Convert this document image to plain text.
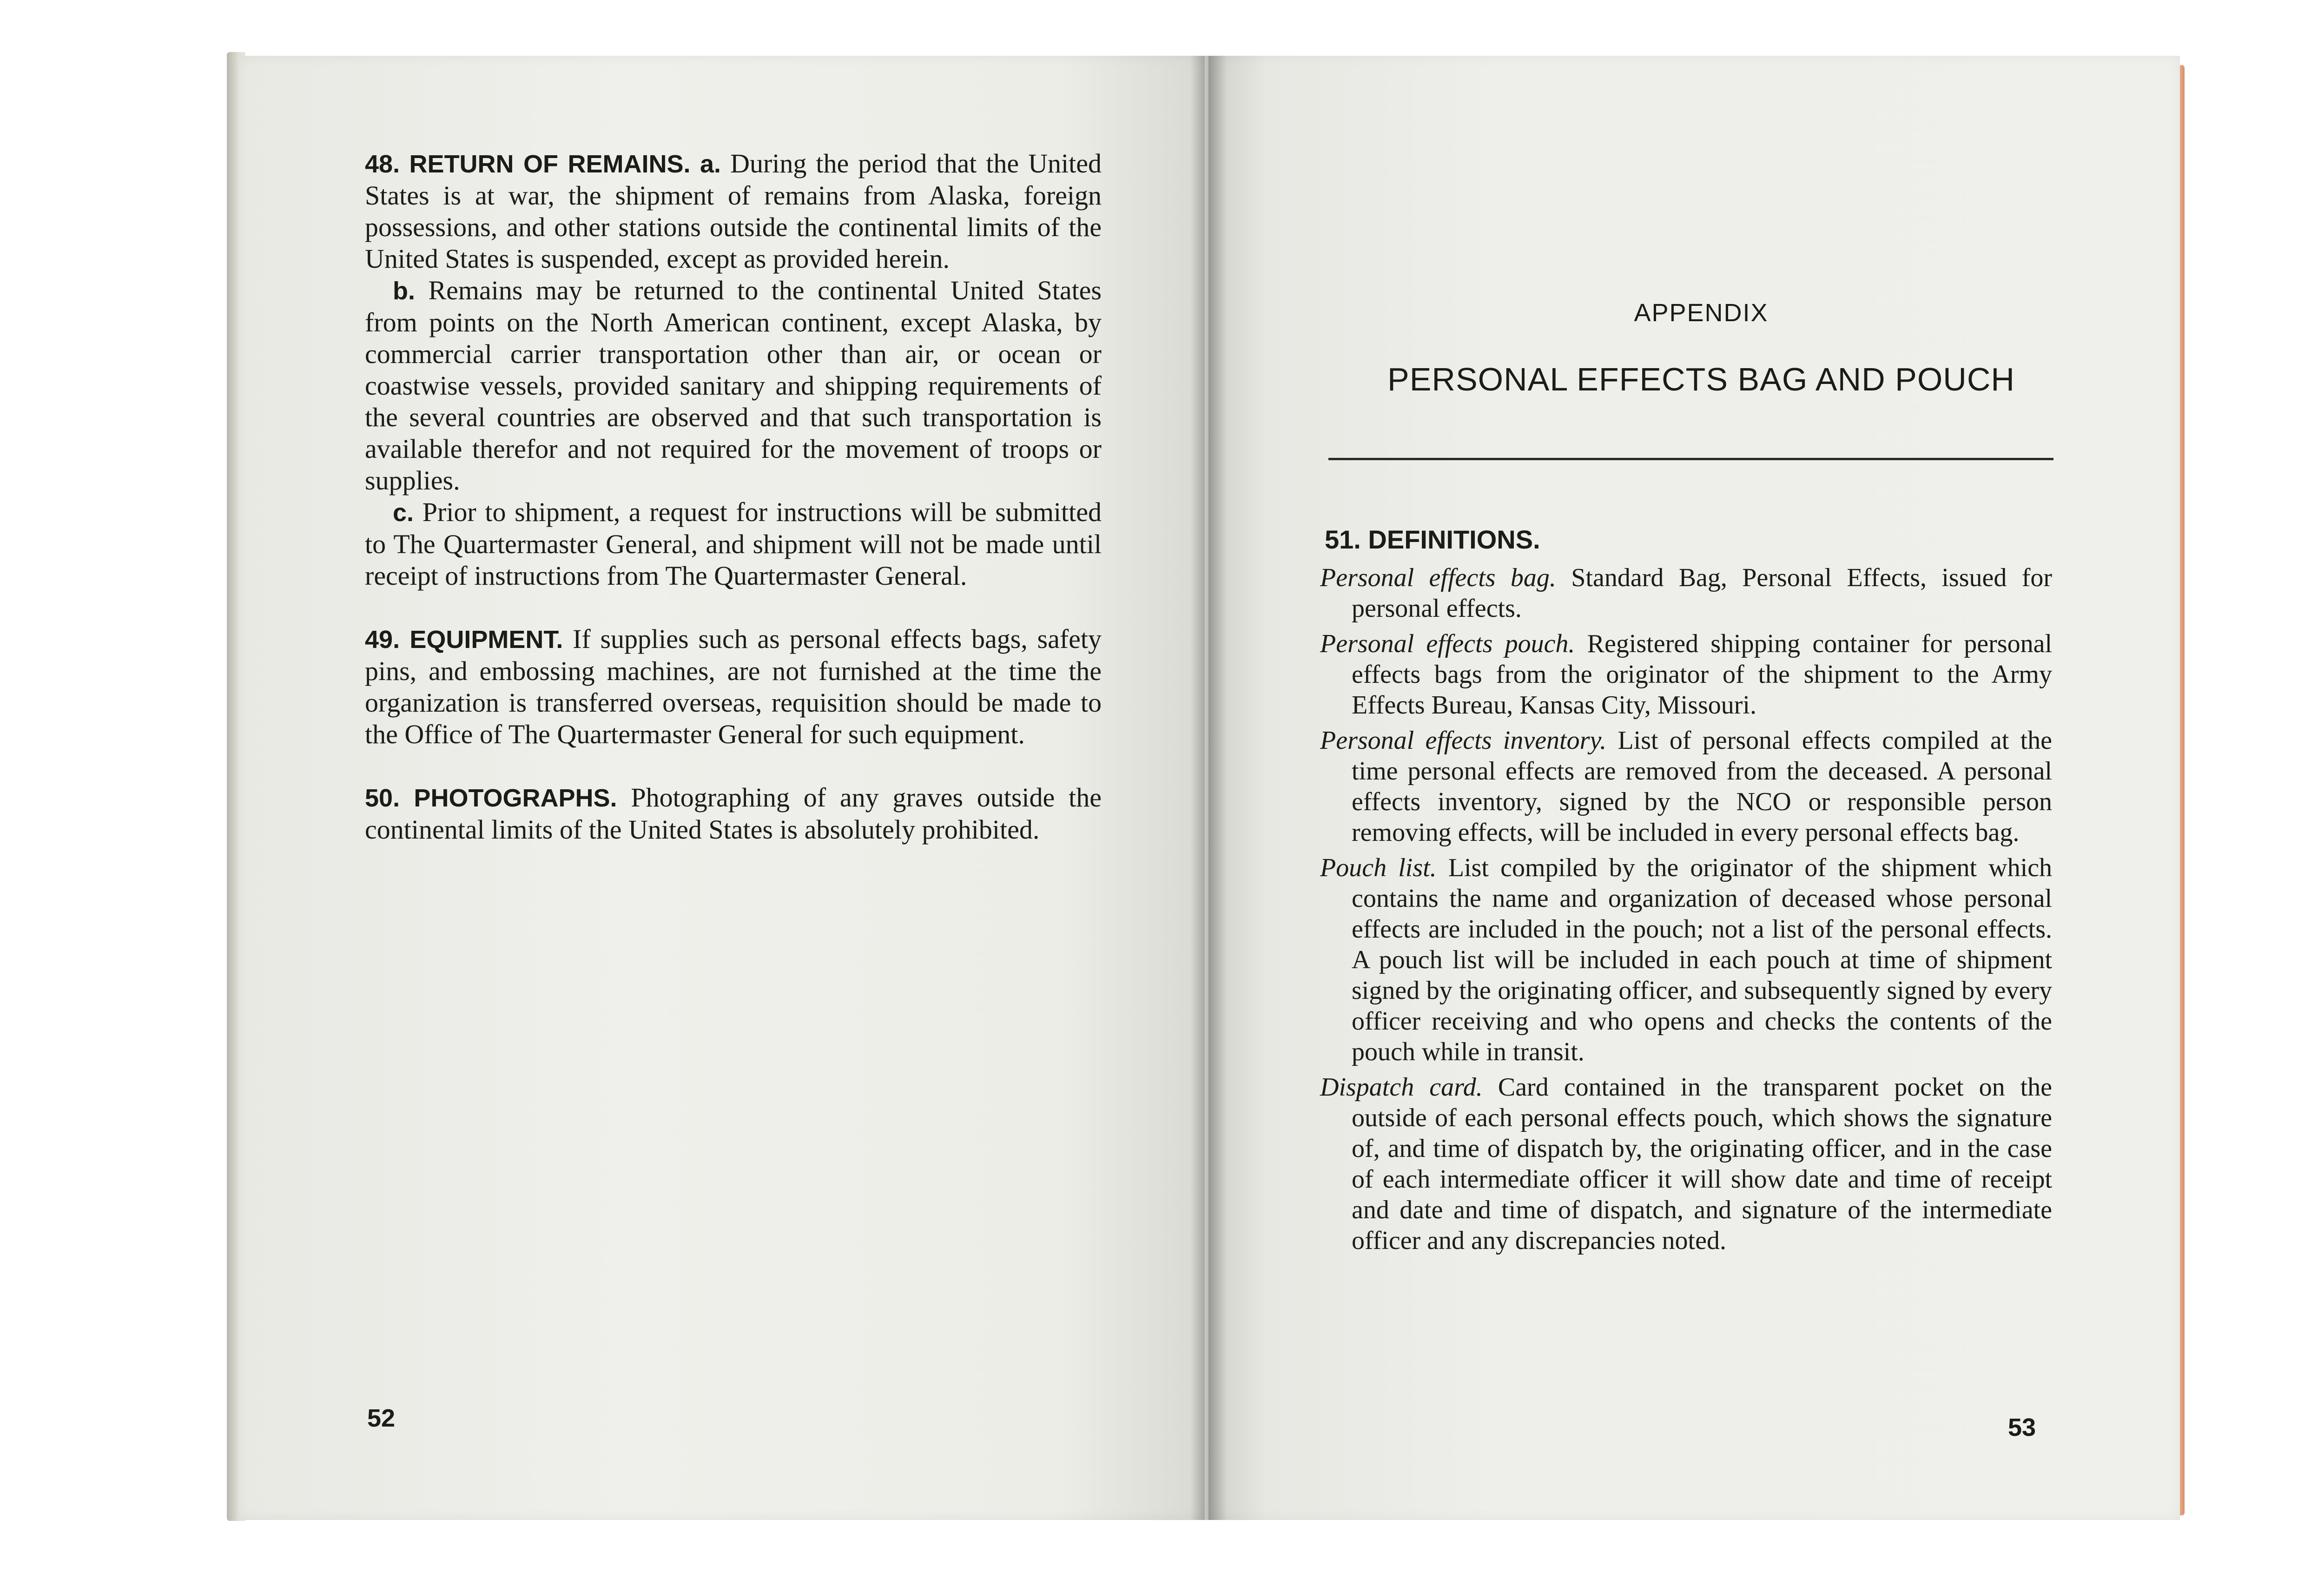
48. RETURN OF REMAINS. a. During the period that the United States is at war, the shipment of remains from Alaska, foreign possessions, and other stations outside the continental limits of the United States is suspended, except as provided herein.

b. Remains may be returned to the continental United States from points on the North American continent, except Alaska, by commercial carrier transportation other than air, or ocean or coastwise vessels, provided sanitary and shipping requirements of the several countries are observed and that such transportation is available therefor and not required for the movement of troops or supplies.

c. Prior to shipment, a request for instructions will be submitted to The Quartermaster General, and shipment will not be made until receipt of instructions from The Quartermaster General.

49. EQUIPMENT. If supplies such as personal effects bags, safety pins, and embossing machines, are not furnished at the time the organization is transferred overseas, requisition should be made to the Office of The Quartermaster General for such equipment.

50. PHOTOGRAPHS. Photographing of any graves outside the continental limits of the United States is absolutely prohibited.

52
APPENDIX
PERSONAL EFFECTS BAG AND POUCH
51. DEFINITIONS.

Personal effects bag. Standard Bag, Personal Effects, issued for personal effects.

Personal effects pouch. Registered shipping container for personal effects bags from the originator of the shipment to the Army Effects Bureau, Kansas City, Missouri.

Personal effects inventory. List of personal effects compiled at the time personal effects are removed from the deceased. A personal effects inventory, signed by the NCO or responsible person removing effects, will be included in every personal effects bag.

Pouch list. List compiled by the originator of the shipment which contains the name and organization of deceased whose personal effects are included in the pouch; not a list of the personal effects. A pouch list will be included in each pouch at time of shipment signed by the originating officer, and subsequently signed by every officer receiving and who opens and checks the contents of the pouch while in transit.

Dispatch card. Card contained in the transparent pocket on the outside of each personal effects pouch, which shows the signature of, and time of dispatch by, the originating officer, and in the case of each intermediate officer it will show date and time of receipt and date and time of dispatch, and signature of the intermediate officer and any discrepancies noted.

53
